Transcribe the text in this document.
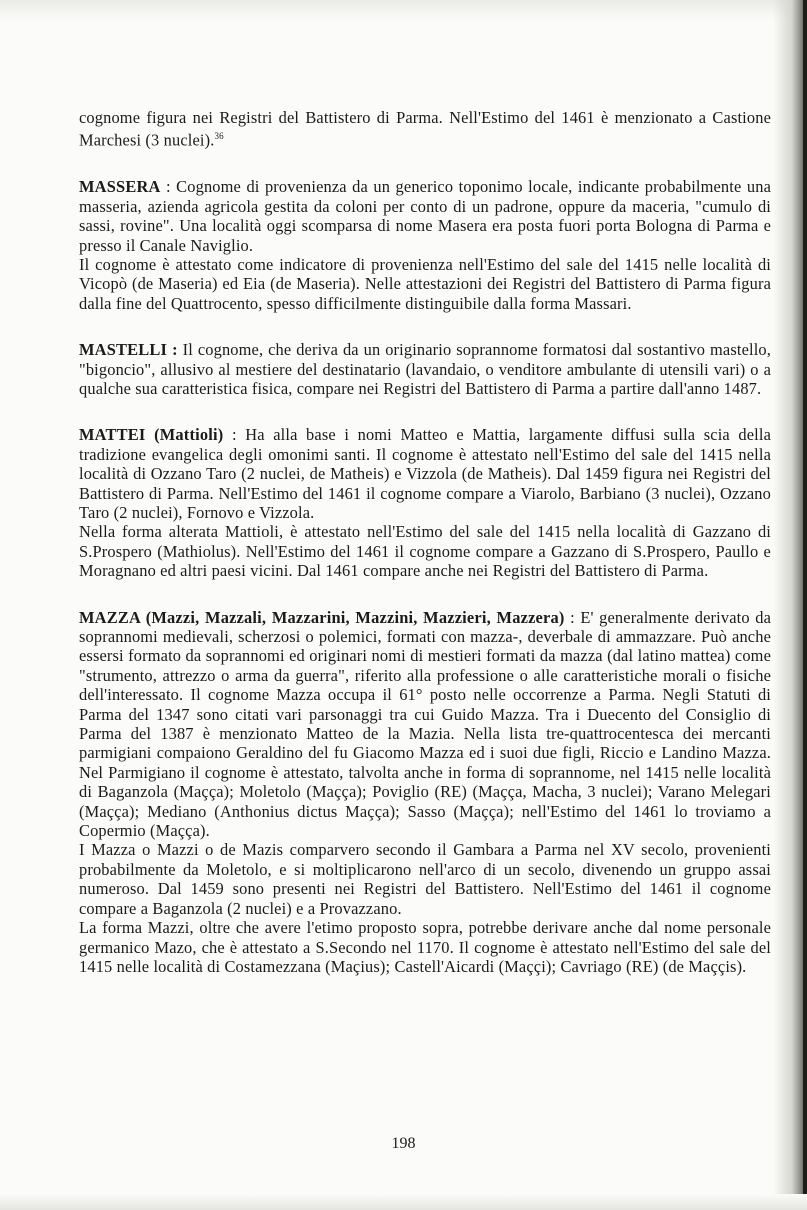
cognome figura nei Registri del Battistero di Parma. Nell'Estimo del 1461 è menzionato a Castione Marchesi (3 nuclei).$^{36}$

MASSERA : Cognome di provenienza da un generico toponimo locale, indicante probabilmente una masseria, azienda agricola gestita da coloni per conto di un padrone, oppure da maceria, "cumulo di sassi, rovine". Una località oggi scomparsa di nome Masera era posta fuori porta Bologna di Parma e presso il Canale Naviglio.

Il cognome è attestato come indicatore di provenienza nell'Estimo del sale del 1415 nelle località di Vicopò (de Maseria) ed Eia (de Maseria). Nelle attestazioni dei Registri del Battistero di Parma figura dalla fine del Quattrocento, spesso difficilmente distinguibile dalla forma Massari.

MASTELLI : Il cognome, che deriva da un originario soprannome formatosi dal sostantivo mastello, "bigoncio", allusivo al mestiere del destinatario (lavandaio, o venditore ambulante di utensili vari) o a qualche sua caratteristica fisica, compare nei Registri del Battistero di Parma a partire dall'anno 1487.

MATTEI (Mattioli) : Ha alla base i nomi Matteo e Mattia, largamente diffusi sulla scia della tradizione evangelica degli omonimi santi. Il cognome è attestato nell'Estimo del sale del 1415 nella località di Ozzano Taro (2 nuclei, de Matheis) e Vizzola (de Matheis). Dal 1459 figura nei Registri del Battistero di Parma. Nell'Estimo del 1461 il cognome compare a Viarolo, Barbiano (3 nuclei), Ozzano Taro (2 nuclei), Fornovo e Vizzola.

Nella forma alterata Mattioli, è attestato nell'Estimo del sale del 1415 nella località di Gazzano di S.Prospero (Mathiolus). Nell'Estimo del 1461 il cognome compare a Gazzano di S.Prospero, Paullo e Moragnano ed altri paesi vicini. Dal 1461 compare anche nei Registri del Battistero di Parma.

MAZZA (Mazzi, Mazzali, Mazzarini, Mazzini, Mazzieri, Mazzera) : E' generalmente derivato da soprannomi medievali, scherzosi o polemici, formati con mazza-, deverbale di ammazzare. Può anche essersi formato da soprannomi ed originari nomi di mestieri formati da mazza (dal latino mattea) come "strumento, attrezzo o arma da guerra", riferito alla professione o alle caratteristiche morali o fisiche dell'interessato. Il cognome Mazza occupa il 61° posto nelle occorrenze a Parma. Negli Statuti di Parma del 1347 sono citati vari parsonaggi tra cui Guido Mazza. Tra i Duecento del Consiglio di Parma del 1387 è menzionato Matteo de la Mazia. Nella lista tre-quattrocentesca dei mercanti parmigiani compaiono Geraldino del fu Giacomo Mazza ed i suoi due figli, Riccio e Landino Mazza. Nel Parmigiano il cognome è attestato, talvolta anche in forma di soprannome, nel 1415 nelle località di Baganzola (Maçça); Moletolo (Maçça); Poviglio (RE) (Maçça, Macha, 3 nuclei); Varano Melegari (Maçça); Mediano (Anthonius dictus Maçça); Sasso (Maçça); nell'Estimo del 1461 lo troviamo a Copermio (Maçça).

I Mazza o Mazzi o de Mazis comparvero secondo il Gambara a Parma nel XV secolo, provenienti probabilmente da Moletolo, e si moltiplicarono nell'arco di un secolo, divenendo un gruppo assai numeroso. Dal 1459 sono presenti nei Registri del Battistero. Nell'Estimo del 1461 il cognome compare a Baganzola (2 nuclei) e a Provazzano.

La forma Mazzi, oltre che avere l'etimo proposto sopra, potrebbe derivare anche dal nome personale germanico Mazo, che è attestato a S.Secondo nel 1170. Il cognome è attestato nell'Estimo del sale del 1415 nelle località di Costamezzana (Maçius); Castell'Aicardi (Maççi); Cavriago (RE) (de Maççis).

198
